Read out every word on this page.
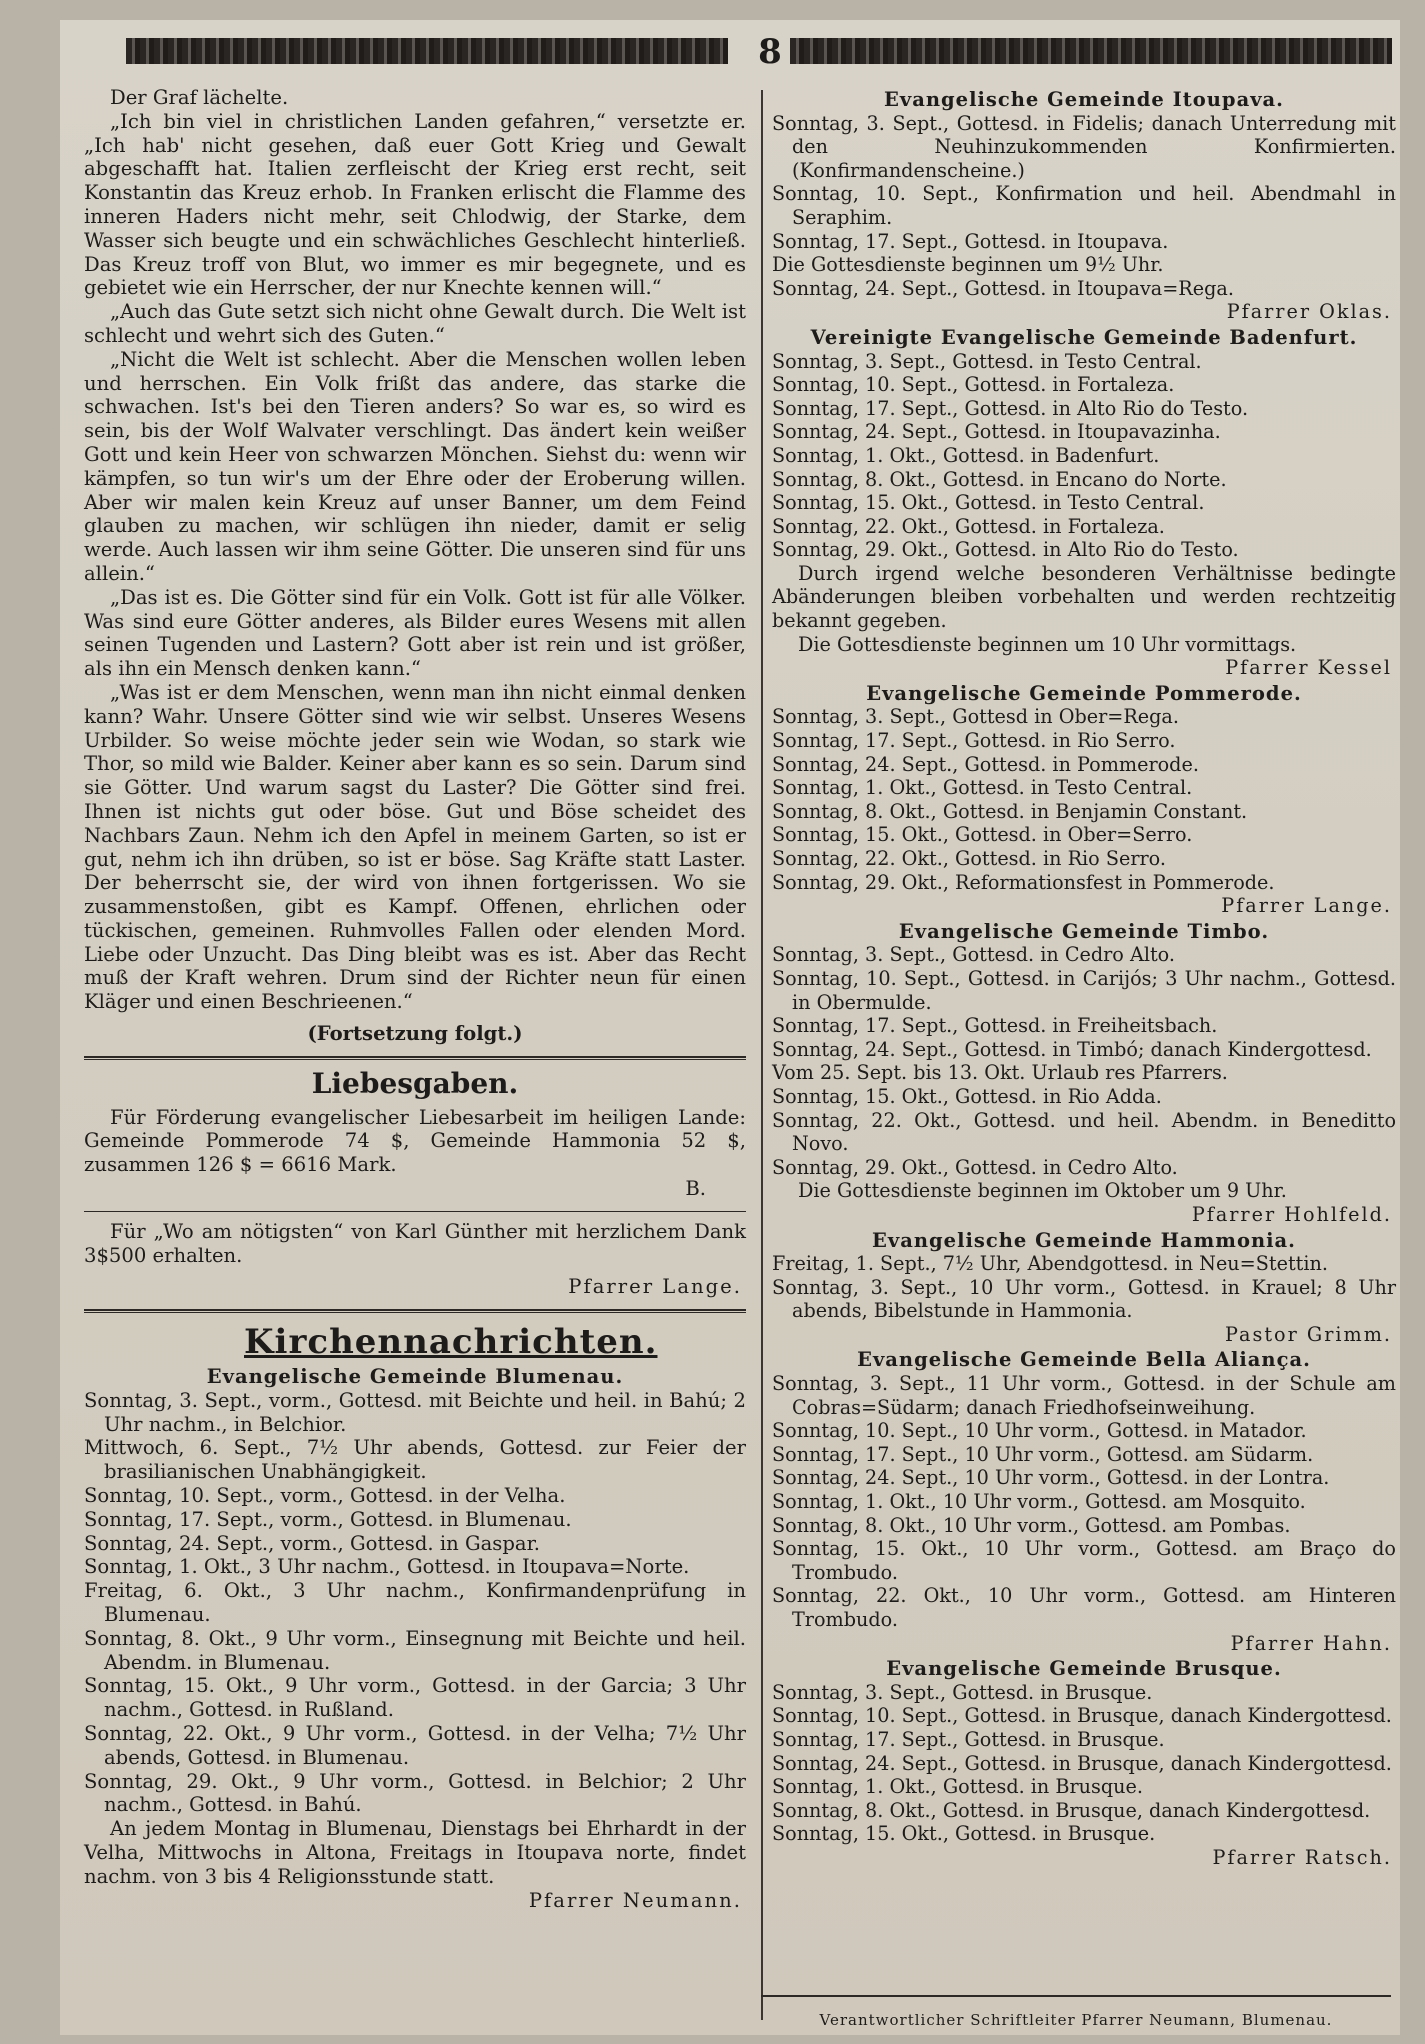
8

Der Graf lächelte.

„Ich bin viel in christlichen Landen gefahren,“ versetzte er. „Ich hab' nicht gesehen, daß euer Gott Krieg und Gewalt abgeschafft hat. Italien zerfleischt der Krieg erst recht, seit Konstantin das Kreuz erhob. In Franken erlischt die Flamme des inneren Haders nicht mehr, seit Chlodwig, der Starke, dem Wasser sich beugte und ein schwächliches Geschlecht hinterließ. Das Kreuz troff von Blut, wo immer es mir begegnete, und es gebietet wie ein Herrscher, der nur Knechte kennen will.“

„Auch das Gute setzt sich nicht ohne Gewalt durch. Die Welt ist schlecht und wehrt sich des Guten.“

„Nicht die Welt ist schlecht. Aber die Menschen wollen leben und herrschen. Ein Volk frißt das andere, das starke die schwachen. Ist's bei den Tieren anders? So war es, so wird es sein, bis der Wolf Walvater verschlingt. Das ändert kein weißer Gott und kein Heer von schwarzen Mönchen. Siehst du: wenn wir kämpfen, so tun wir's um der Ehre oder der Eroberung willen. Aber wir malen kein Kreuz auf unser Banner, um dem Feind glauben zu machen, wir schlügen ihn nieder, damit er selig werde. Auch lassen wir ihm seine Götter. Die unseren sind für uns allein.“

„Das ist es. Die Götter sind für ein Volk. Gott ist für alle Völker. Was sind eure Götter anderes, als Bilder eures Wesens mit allen seinen Tugenden und Lastern? Gott aber ist rein und ist größer, als ihn ein Mensch denken kann.“

„Was ist er dem Menschen, wenn man ihn nicht einmal denken kann? Wahr. Unsere Götter sind wie wir selbst. Unseres Wesens Urbilder. So weise möchte jeder sein wie Wodan, so stark wie Thor, so mild wie Balder. Keiner aber kann es so sein. Darum sind sie Götter. Und warum sagst du Laster? Die Götter sind frei. Ihnen ist nichts gut oder böse. Gut und Böse scheidet des Nachbars Zaun. Nehm ich den Apfel in meinem Garten, so ist er gut, nehm ich ihn drüben, so ist er böse. Sag Kräfte statt Laster. Der beherrscht sie, der wird von ihnen fortgerissen. Wo sie zusammenstoßen, gibt es Kampf. Offenen, ehrlichen oder tückischen, gemeinen. Ruhmvolles Fallen oder elenden Mord. Liebe oder Unzucht. Das Ding bleibt was es ist. Aber das Recht muß der Kraft wehren. Drum sind der Richter neun für einen Kläger und einen Beschrieenen.“

(Fortsetzung folgt.)

Liebesgaben.

Für Förderung evangelischer Liebesarbeit im heiligen Lande: Gemeinde Pommerode 74 $, Gemeinde Hammonia 52 $, zusammen 126 $ = 6616 Mark.

B.

Für „Wo am nötigsten“ von Karl Günther mit herzlichem Dank 3$500 erhalten.

Pfarrer Lange.

Kirchennachrichten.
Evangelische Gemeinde Blumenau.

Sonntag, 3. Sept., vorm., Gottesd. mit Beichte und heil. in Bahú; 2 Uhr nachm., in Belchior.

Mittwoch, 6. Sept., 7½ Uhr abends, Gottesd. zur Feier der brasilianischen Unabhängigkeit.

Sonntag, 10. Sept., vorm., Gottesd. in der Velha.

Sonntag, 17. Sept., vorm., Gottesd. in Blumenau.

Sonntag, 24. Sept., vorm., Gottesd. in Gaspar.

Sonntag, 1. Okt., 3 Uhr nachm., Gottesd. in Itoupava=Norte.

Freitag, 6. Okt., 3 Uhr nachm., Konfirmandenprüfung in Blumenau.

Sonntag, 8. Okt., 9 Uhr vorm., Einsegnung mit Beichte und heil. Abendm. in Blumenau.

Sonntag, 15. Okt., 9 Uhr vorm., Gottesd. in der Garcia; 3 Uhr nachm., Gottesd. in Rußland.

Sonntag, 22. Okt., 9 Uhr vorm., Gottesd. in der Velha; 7½ Uhr abends, Gottesd. in Blumenau.

Sonntag, 29. Okt., 9 Uhr vorm., Gottesd. in Belchior; 2 Uhr nachm., Gottesd. in Bahú.

An jedem Montag in Blumenau, Dienstags bei Ehrhardt in der Velha, Mittwochs in Altona, Freitags in Itoupava norte, findet nachm. von 3 bis 4 Religionsstunde statt.

Pfarrer Neumann.

Evangelische Gemeinde Itoupava.

Sonntag, 3. Sept., Gottesd. in Fidelis; danach Unterredung mit den Neuhinzukommenden Konfirmierten. (Konfirmandenscheine.)

Sonntag, 10. Sept., Konfirmation und heil. Abendmahl in Seraphim.

Sonntag, 17. Sept., Gottesd. in Itoupava.

Die Gottesdienste beginnen um 9½ Uhr.

Sonntag, 24. Sept., Gottesd. in Itoupava=Rega.

Pfarrer Oklas.

Vereinigte Evangelische Gemeinde Badenfurt.

Sonntag, 3. Sept., Gottesd. in Testo Central.

Sonntag, 10. Sept., Gottesd. in Fortaleza.

Sonntag, 17. Sept., Gottesd. in Alto Rio do Testo.

Sonntag, 24. Sept., Gottesd. in Itoupavazinha.

Sonntag, 1. Okt., Gottesd. in Badenfurt.

Sonntag, 8. Okt., Gottesd. in Encano do Norte.

Sonntag, 15. Okt., Gottesd. in Testo Central.

Sonntag, 22. Okt., Gottesd. in Fortaleza.

Sonntag, 29. Okt., Gottesd. in Alto Rio do Testo.

Durch irgend welche besonderen Verhältnisse bedingte Abänderungen bleiben vorbehalten und werden rechtzeitig bekannt gegeben.

Die Gottesdienste beginnen um 10 Uhr vormittags.

Pfarrer Kessel

Evangelische Gemeinde Pommerode.

Sonntag, 3. Sept., Gottesd in Ober=Rega.

Sonntag, 17. Sept., Gottesd. in Rio Serro.

Sonntag, 24. Sept., Gottesd. in Pommerode.

Sonntag, 1. Okt., Gottesd. in Testo Central.

Sonntag, 8. Okt., Gottesd. in Benjamin Constant.

Sonntag, 15. Okt., Gottesd. in Ober=Serro.

Sonntag, 22. Okt., Gottesd. in Rio Serro.

Sonntag, 29. Okt., Reformationsfest in Pommerode.

Pfarrer Lange.

Evangelische Gemeinde Timbo.

Sonntag, 3. Sept., Gottesd. in Cedro Alto.

Sonntag, 10. Sept., Gottesd. in Carijós; 3 Uhr nachm., Gottesd. in Obermulde.

Sonntag, 17. Sept., Gottesd. in Freiheitsbach.

Sonntag, 24. Sept., Gottesd. in Timbó; danach Kindergottesd.

Vom 25. Sept. bis 13. Okt. Urlaub res Pfarrers.

Sonntag, 15. Okt., Gottesd. in Rio Adda.

Sonntag, 22. Okt., Gottesd. und heil. Abendm. in Beneditto Novo.

Sonntag, 29. Okt., Gottesd. in Cedro Alto.

Die Gottesdienste beginnen im Oktober um 9 Uhr.

Pfarrer Hohlfeld.

Evangelische Gemeinde Hammonia.

Freitag, 1. Sept., 7½ Uhr, Abendgottesd. in Neu=Stettin.

Sonntag, 3. Sept., 10 Uhr vorm., Gottesd. in Krauel; 8 Uhr abends, Bibelstunde in Hammonia.

Pastor Grimm.

Evangelische Gemeinde Bella Aliança.

Sonntag, 3. Sept., 11 Uhr vorm., Gottesd. in der Schule am Cobras=Südarm; danach Friedhofseinweihung.

Sonntag, 10. Sept., 10 Uhr vorm., Gottesd. in Matador.

Sonntag, 17. Sept., 10 Uhr vorm., Gottesd. am Südarm.

Sonntag, 24. Sept., 10 Uhr vorm., Gottesd. in der Lontra.

Sonntag, 1. Okt., 10 Uhr vorm., Gottesd. am Mosquito.

Sonntag, 8. Okt., 10 Uhr vorm., Gottesd. am Pombas.

Sonntag, 15. Okt., 10 Uhr vorm., Gottesd. am Braço do Trombudo.

Sonntag, 22. Okt., 10 Uhr vorm., Gottesd. am Hinteren Trombudo.

Pfarrer Hahn.

Evangelische Gemeinde Brusque.

Sonntag, 3. Sept., Gottesd. in Brusque.

Sonntag, 10. Sept., Gottesd. in Brusque, danach Kindergottesd.

Sonntag, 17. Sept., Gottesd. in Brusque.

Sonntag, 24. Sept., Gottesd. in Brusque, danach Kindergottesd.

Sonntag, 1. Okt., Gottesd. in Brusque.

Sonntag, 8. Okt., Gottesd. in Brusque, danach Kindergottesd.

Sonntag, 15. Okt., Gottesd. in Brusque.

Pfarrer Ratsch.

Verantwortlicher Schriftleiter Pfarrer Neumann, Blumenau.
